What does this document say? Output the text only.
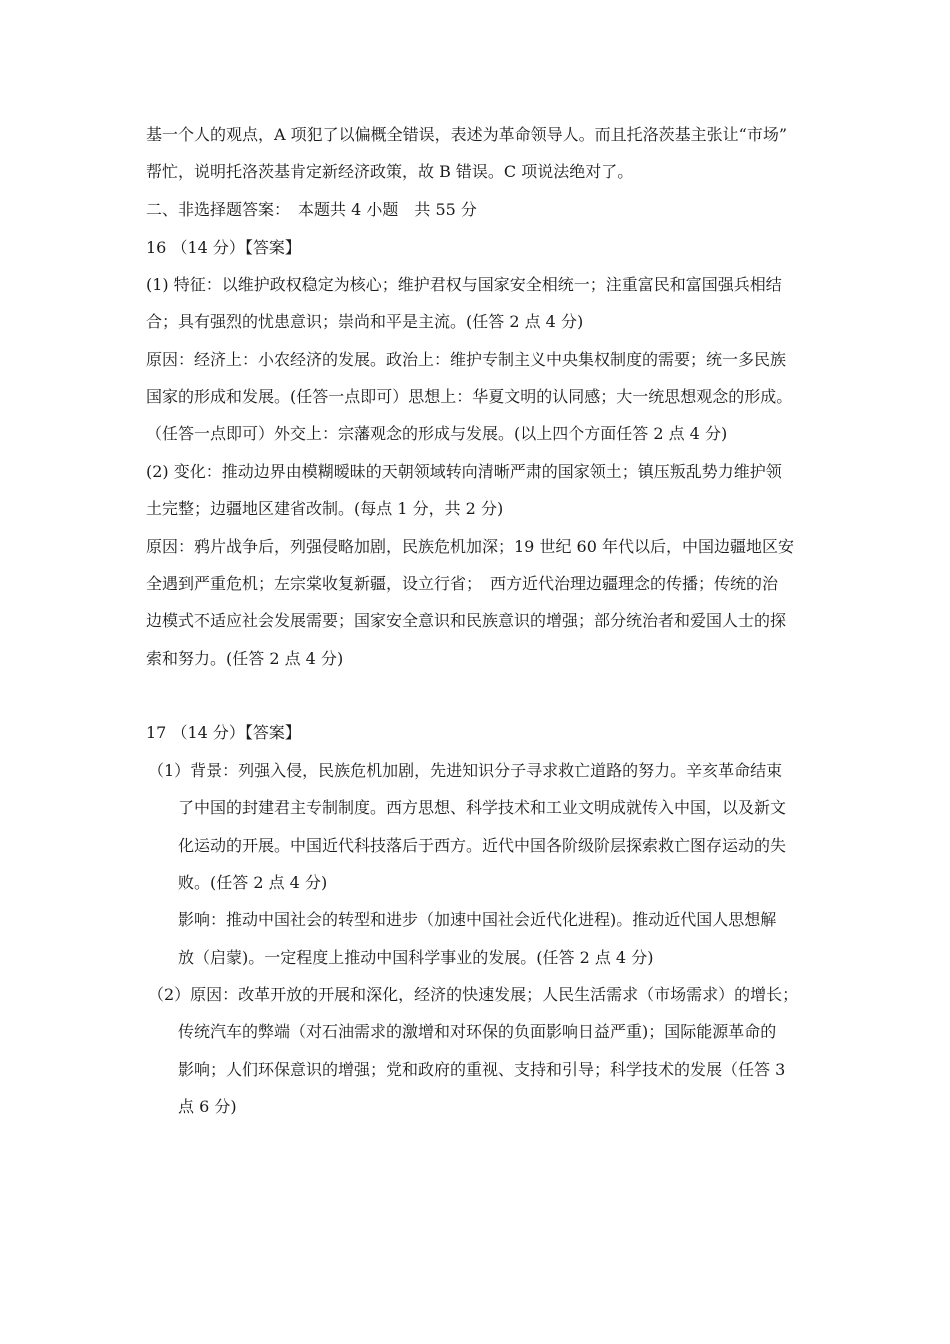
基一个人的观点，A 项犯了以偏概全错误，表述为革命领导人。而且托洛茨基主张让“市场”
帮忙，说明托洛茨基肯定新经济政策，故 B 错误。C 项说法绝对了。
二、非选择题答案：　本题共 4 小题　共 55 分
16 （14 分）【答案】
(1) 特征：以维护政权稳定为核心；维护君权与国家安全相统一；注重富民和富国强兵相结
合；具有强烈的忧患意识；崇尚和平是主流。(任答 2 点 4 分)
原因：经济上：小农经济的发展。政治上：维护专制主义中央集权制度的需要；统一多民族
国家的形成和发展。(任答一点即可）思想上：华夏文明的认同感；大一统思想观念的形成。
（任答一点即可）外交上：宗藩观念的形成与发展。(以上四个方面任答 2 点 4 分)
(2) 变化：推动边界由模糊暧昧的天朝领域转向清晰严肃的国家领土；镇压叛乱势力维护领
土完整；边疆地区建省改制。(每点 1 分，共 2 分)
原因：鸦片战争后，列强侵略加剧，民族危机加深；19 世纪 60 年代以后，中国边疆地区安
全遇到严重危机；左宗棠收复新疆，设立行省；　西方近代治理边疆理念的传播；传统的治
边模式不适应社会发展需要；国家安全意识和民族意识的增强；部分统治者和爱国人士的探
索和努力。(任答 2 点 4 分)
17 （14 分）【答案】
（1）背景：列强入侵，民族危机加剧，先进知识分子寻求救亡道路的努力。辛亥革命结束
了中国的封建君主专制制度。西方思想、科学技术和工业文明成就传入中国，以及新文
化运动的开展。中国近代科技落后于西方。近代中国各阶级阶层探索救亡图存运动的失
败。(任答 2 点 4 分)
影响：推动中国社会的转型和进步（加速中国社会近代化进程)。推动近代国人思想解
放（启蒙)。一定程度上推动中国科学事业的发展。(任答 2 点 4 分)
（2）原因：改革开放的开展和深化，经济的快速发展；人民生活需求（市场需求）的增长；
传统汽车的弊端（对石油需求的激增和对环保的负面影响日益严重)；国际能源革命的
影响；人们环保意识的增强；党和政府的重视、支持和引导；科学技术的发展（任答 3
点 6 分)
